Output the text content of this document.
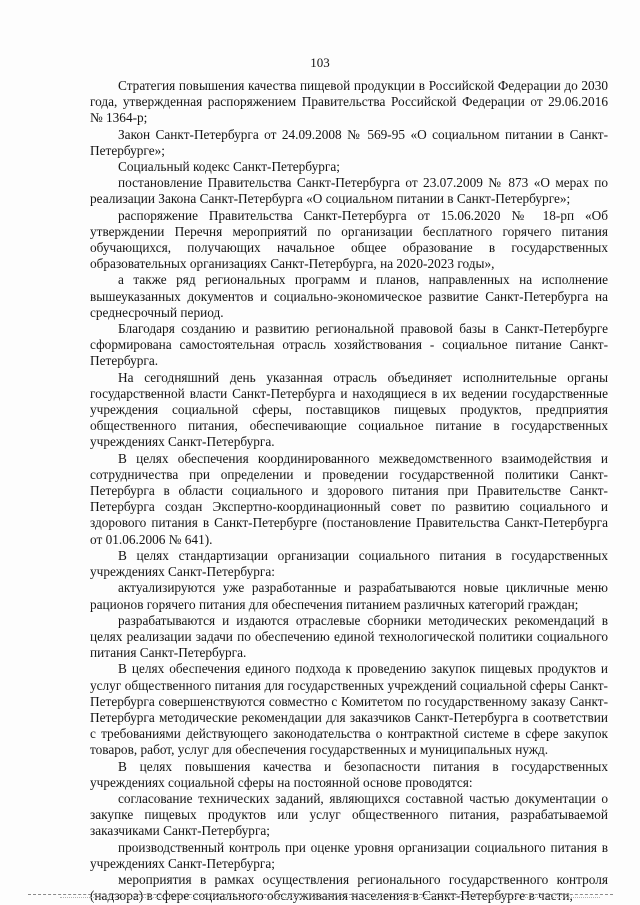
103

Стратегия повышения качества пищевой продукции в Российской Федерации до 2030 года, утвержденная распоряжением Правительства Российской Федерации от 29.06.2016 № 1364-р;

Закон Санкт-Петербурга от 24.09.2008 № 569-95 «О социальном питании в Санкт-Петербурге»;

Социальный кодекс Санкт-Петербурга;

постановление Правительства Санкт-Петербурга от 23.07.2009 № 873 «О мерах по реализации Закона Санкт-Петербурга «О социальном питании в Санкт-Петербурге»;

распоряжение Правительства Санкт-Петербурга от 15.06.2020 № 18-рп «Об утверждении Перечня мероприятий по организации бесплатного горячего питания обучающихся, получающих начальное общее образование в государственных образовательных организациях Санкт-Петербурга, на 2020-2023 годы»,

а также ряд региональных программ и планов, направленных на исполнение вышеуказанных документов и социально-экономическое развитие Санкт-Петербурга на среднесрочный период.

Благодаря созданию и развитию региональной правовой базы в Санкт-Петербурге сформирована самостоятельная отрасль хозяйствования - социальное питание Санкт-Петербурга.

На сегодняшний день указанная отрасль объединяет исполнительные органы государственной власти Санкт-Петербурга и находящиеся в их ведении государственные учреждения социальной сферы, поставщиков пищевых продуктов, предприятия общественного питания, обеспечивающие социальное питание в государственных учреждениях Санкт-Петербурга.

В целях обеспечения координированного межведомственного взаимодействия и сотрудничества при определении и проведении государственной политики Санкт-Петербурга в области социального и здорового питания при Правительстве Санкт-Петербурга создан Экспертно-координационный совет по развитию социального и здорового питания в Санкт-Петербурге (постановление Правительства Санкт-Петербурга от 01.06.2006 № 641).

В целях стандартизации организации социального питания в государственных учреждениях Санкт-Петербурга:

актуализируются уже разработанные и разрабатываются новые цикличные меню рационов горячего питания для обеспечения питанием различных категорий граждан;

разрабатываются и издаются отраслевые сборники методических рекомендаций в целях реализации задачи по обеспечению единой технологической политики социального питания Санкт-Петербурга.

В целях обеспечения единого подхода к проведению закупок пищевых продуктов и услуг общественного питания для государственных учреждений социальной сферы Санкт-Петербурга совершенствуются совместно с Комитетом по государственному заказу Санкт-Петербурга методические рекомендации для заказчиков Санкт-Петербурга в соответствии с требованиями действующего законодательства о контрактной системе в сфере закупок товаров, работ, услуг для обеспечения государственных и муниципальных нужд.

В целях повышения качества и безопасности питания в государственных учреждениях социальной сферы на постоянной основе проводятся:

согласование технических заданий, являющихся составной частью документации о закупке пищевых продуктов или услуг общественного питания, разрабатываемой заказчиками Санкт-Петербурга;

производственный контроль при оценке уровня организации социального питания в учреждениях Санкт-Петербурга;

мероприятия в рамках осуществления регионального государственного контроля (надзора) в сфере социального обслуживания населения в Санкт-Петербурге в части,
